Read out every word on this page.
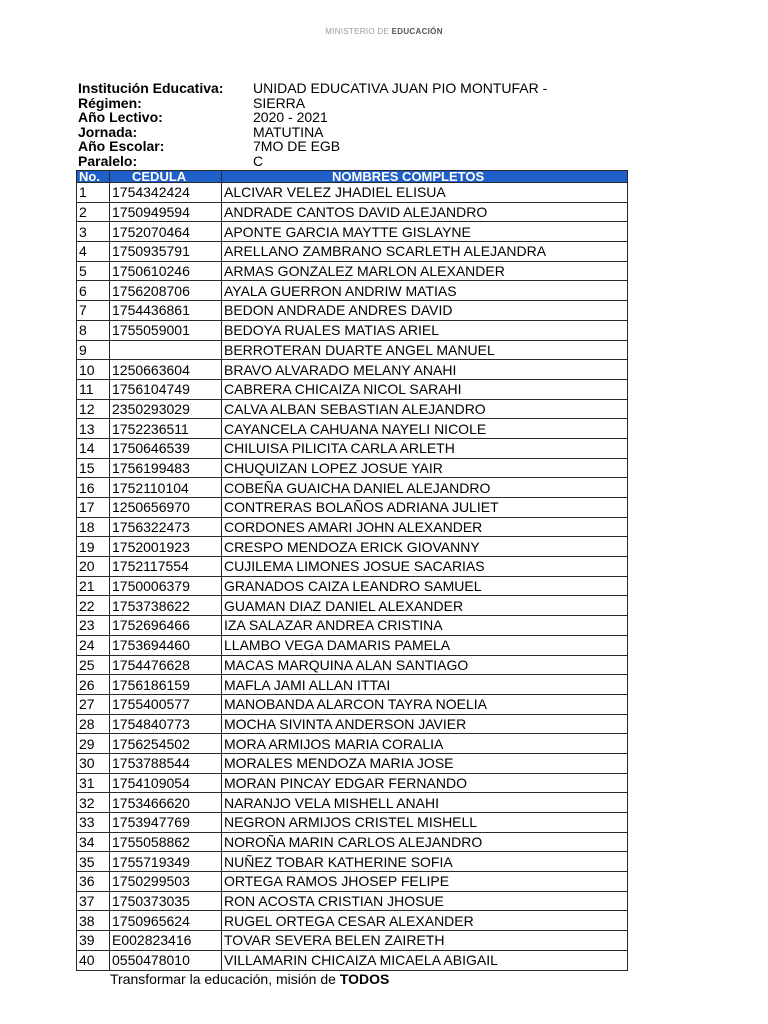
MINISTERIO DE EDUCACIÓN
Institución Educativa:	UNIDAD EDUCATIVA JUAN PIO MONTUFAR -
Régimen:	SIERRA
Año Lectivo:	2020 - 2021
Jornada:	MATUTINA
Año Escolar:	7MO DE EGB
Paralelo:	C
No.	CEDULA	NOMBRES COMPLETOS
1	1754342424	ALCIVAR VELEZ JHADIEL ELISUA
2	1750949594	ANDRADE CANTOS DAVID ALEJANDRO
3	1752070464	APONTE GARCIA MAYTTE GISLAYNE
4	1750935791	ARELLANO ZAMBRANO SCARLETH ALEJANDRA
5	1750610246	ARMAS GONZALEZ MARLON ALEXANDER
6	1756208706	AYALA GUERRON ANDRIW MATIAS
7	1754436861	BEDON ANDRADE ANDRES DAVID
8	1755059001	BEDOYA RUALES MATIAS ARIEL
9		BERROTERAN DUARTE ANGEL MANUEL
10	1250663604	BRAVO ALVARADO MELANY ANAHI
11	1756104749	CABRERA CHICAIZA NICOL SARAHI
12	2350293029	CALVA ALBAN SEBASTIAN ALEJANDRO
13	1752236511	CAYANCELA CAHUANA NAYELI NICOLE
14	1750646539	CHILUISA PILICITA CARLA ARLETH
15	1756199483	CHUQUIZAN LOPEZ JOSUE YAIR
16	1752110104	COBEÑA GUAICHA DANIEL ALEJANDRO
17	1250656970	CONTRERAS BOLAÑOS ADRIANA JULIET
18	1756322473	CORDONES AMARI JOHN ALEXANDER
19	1752001923	CRESPO MENDOZA ERICK GIOVANNY
20	1752117554	CUJILEMA LIMONES JOSUE SACARIAS
21	1750006379	GRANADOS CAIZA LEANDRO SAMUEL
22	1753738622	GUAMAN DIAZ DANIEL ALEXANDER
23	1752696466	IZA SALAZAR ANDREA CRISTINA
24	1753694460	LLAMBO VEGA DAMARIS PAMELA
25	1754476628	MACAS MARQUINA ALAN SANTIAGO
26	1756186159	MAFLA JAMI ALLAN ITTAI
27	1755400577	MANOBANDA ALARCON TAYRA NOELIA
28	1754840773	MOCHA SIVINTA ANDERSON JAVIER
29	1756254502	MORA ARMIJOS MARIA CORALIA
30	1753788544	MORALES MENDOZA MARIA JOSE
31	1754109054	MORAN PINCAY EDGAR FERNANDO
32	1753466620	NARANJO VELA MISHELL ANAHI
33	1753947769	NEGRON ARMIJOS CRISTEL MISHELL
34	1755058862	NOROÑA MARIN CARLOS ALEJANDRO
35	1755719349	NUÑEZ TOBAR KATHERINE SOFIA
36	1750299503	ORTEGA RAMOS JHOSEP FELIPE
37	1750373035	RON ACOSTA CRISTIAN JHOSUE
38	1750965624	RUGEL ORTEGA CESAR ALEXANDER
39	E002823416	TOVAR SEVERA BELEN ZAIRETH
40	0550478010	VILLAMARIN CHICAIZA MICAELA ABIGAIL
Transformar la educación, misión de TODOS
